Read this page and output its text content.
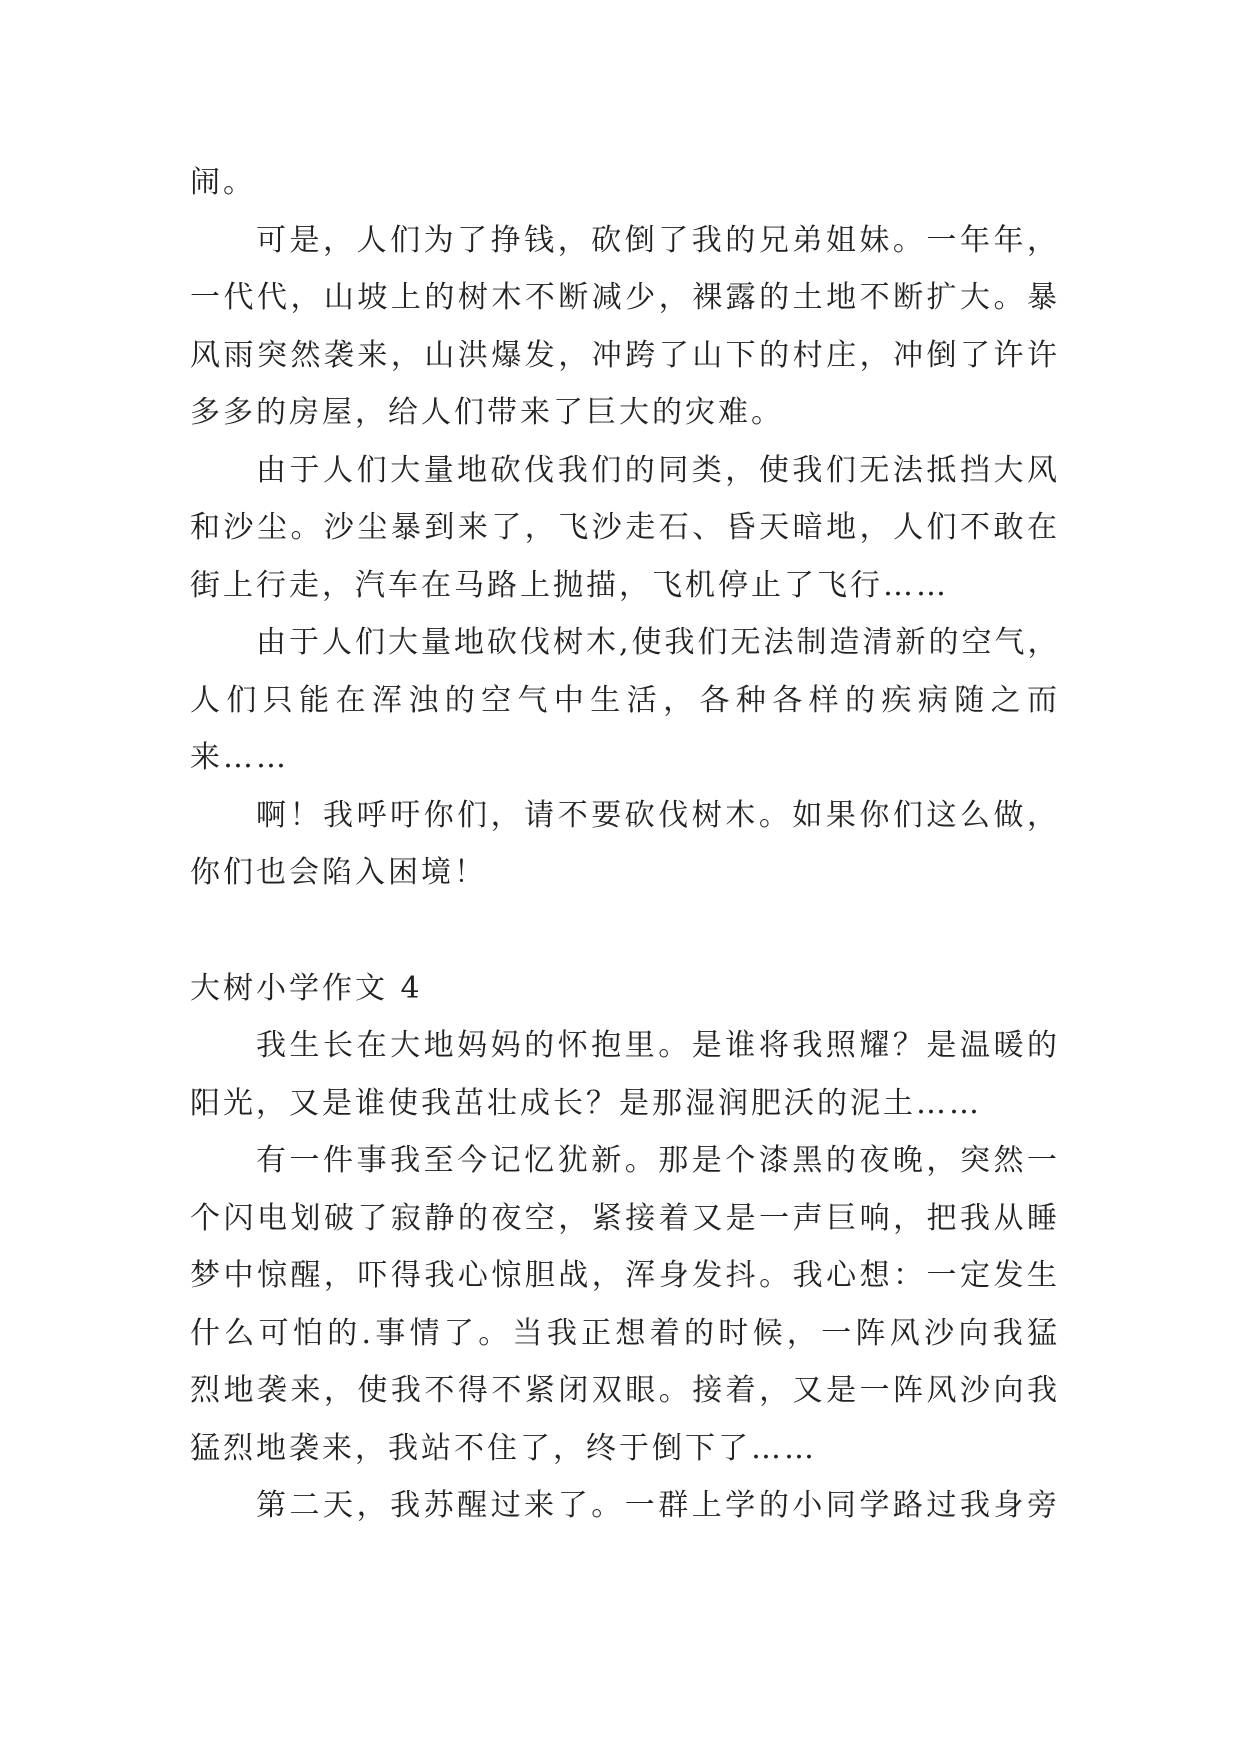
闹。
可是，人们为了挣钱，砍倒了我的兄弟姐妹。一年年，
一代代，山坡上的树木不断减少，裸露的土地不断扩大。暴
风雨突然袭来，山洪爆发，冲跨了山下的村庄，冲倒了许许
多多的房屋，给人们带来了巨大的灾难。
由于人们大量地砍伐我们的同类，使我们无法抵挡大风
和沙尘。沙尘暴到来了，飞沙走石、昏天暗地，人们不敢在
街上行走，汽车在马路上抛描，飞机停止了飞行……
由于人们大量地砍伐树木,使我们无法制造清新的空气，
人们只能在浑浊的空气中生活，各种各样的疾病随之而
来……
啊！我呼吁你们，请不要砍伐树木。如果你们这么做，
你们也会陷入困境！
大树小学作文 4
我生长在大地妈妈的怀抱里。是谁将我照耀？是温暖的
阳光，又是谁使我茁壮成长？是那湿润肥沃的泥土……
有一件事我至今记忆犹新。那是个漆黑的夜晚，突然一
个闪电划破了寂静的夜空，紧接着又是一声巨响，把我从睡
梦中惊醒，吓得我心惊胆战，浑身发抖。我心想：一定发生
什么可怕的.事情了。当我正想着的时候，一阵风沙向我猛
烈地袭来，使我不得不紧闭双眼。接着，又是一阵风沙向我
猛烈地袭来，我站不住了，终于倒下了……
第二天，我苏醒过来了。一群上学的小同学路过我身旁
